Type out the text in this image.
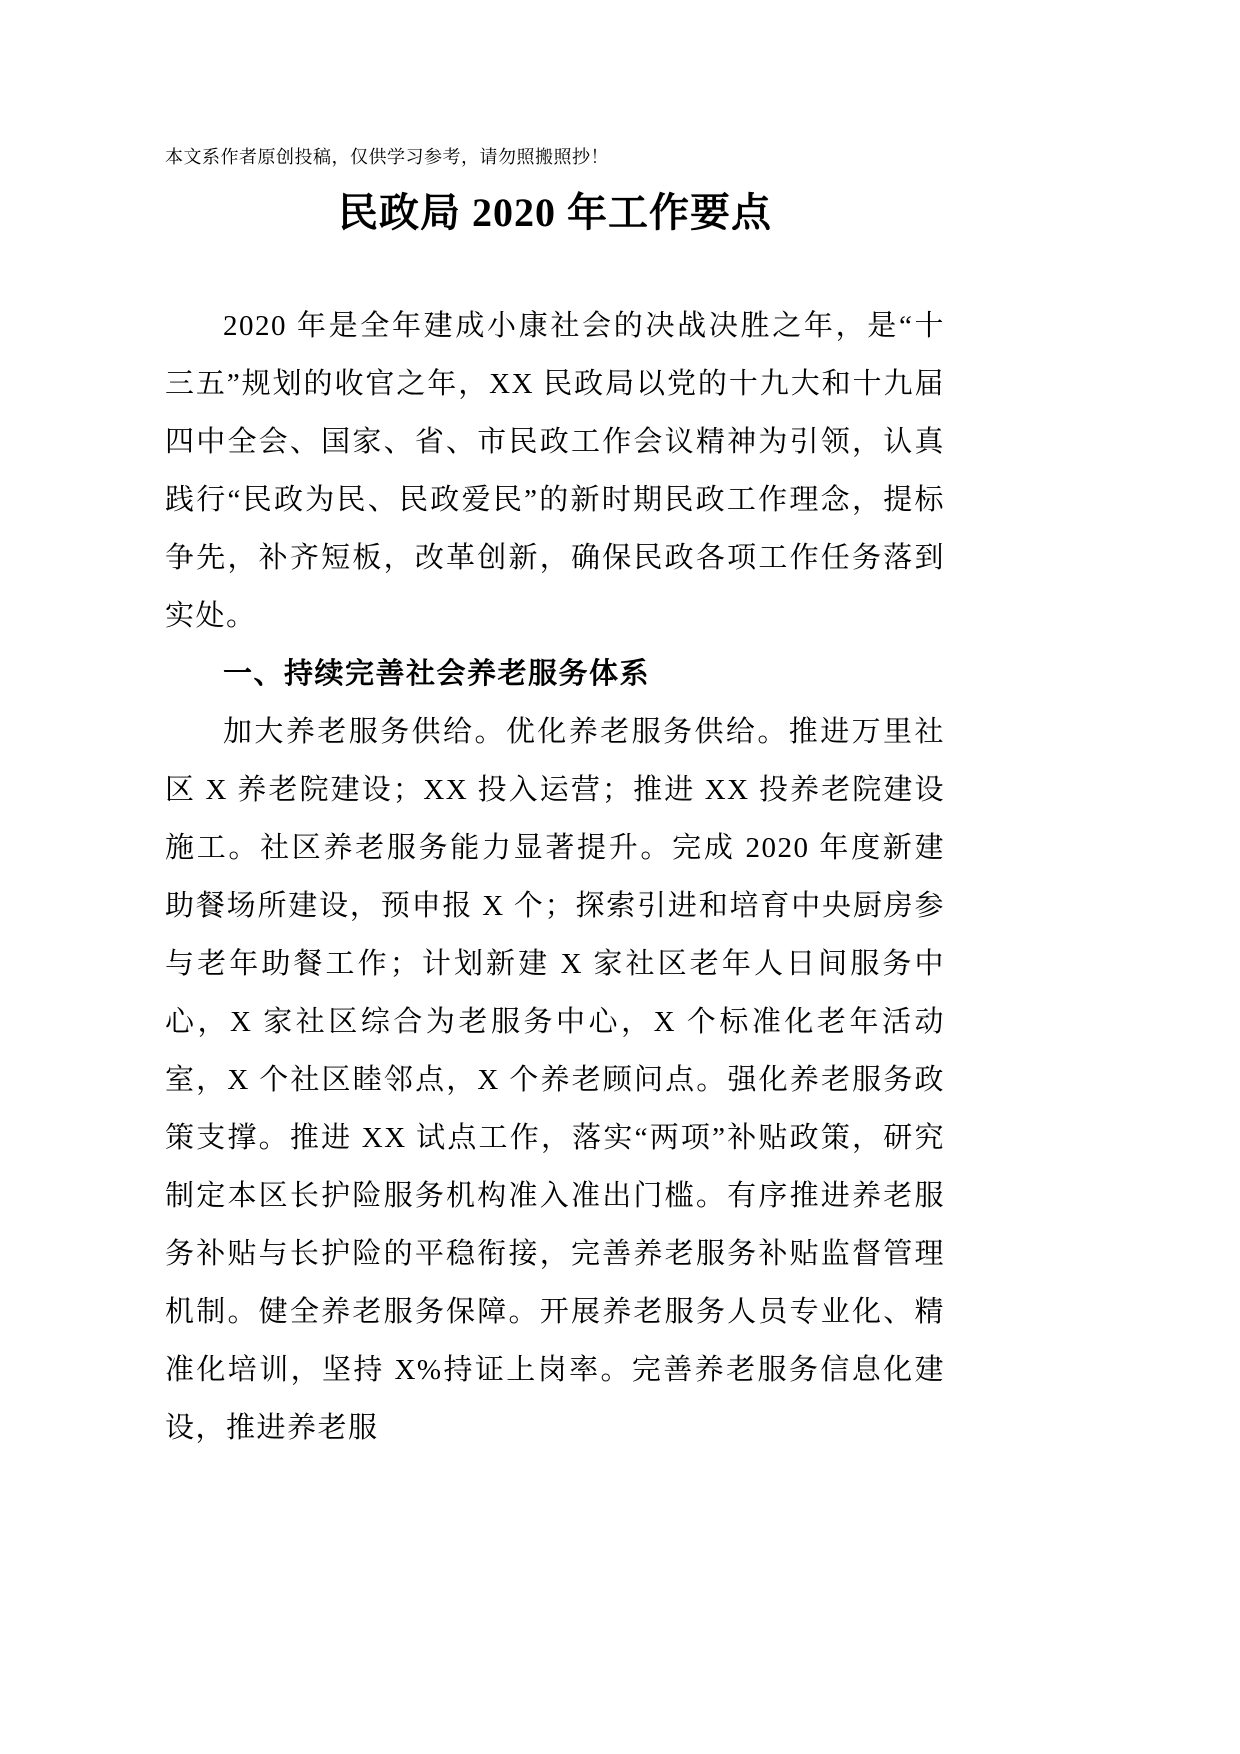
本文系作者原创投稿，仅供学习参考，请勿照搬照抄！

民政局 2020 年工作要点

2020 年是全年建成小康社会的决战决胜之年，是“十三五”规划的收官之年，XX 民政局以党的十九大和十九届四中全会、国家、省、市民政工作会议精神为引领，认真践行“民政为民、民政爱民”的新时期民政工作理念，提标争先，补齐短板，改革创新，确保民政各项工作任务落到实处。

一、持续完善社会养老服务体系

加大养老服务供给。优化养老服务供给。推进万里社区 X 养老院建设；XX 投入运营；推进 XX 投养老院建设施工。社区养老服务能力显著提升。完成 2020 年度新建助餐场所建设，预申报 X 个；探索引进和培育中央厨房参与老年助餐工作；计划新建 X 家社区老年人日间服务中心，X 家社区综合为老服务中心，X 个标准化老年活动室，X 个社区睦邻点，X 个养老顾问点。强化养老服务政策支撑。推进 XX 试点工作，落实“两项”补贴政策，研究制定本区长护险服务机构准入准出门槛。有序推进养老服务补贴与长护险的平稳衔接，完善养老服务补贴监督管理机制。健全养老服务保障。开展养老服务人员专业化、精准化培训，坚持 X%持证上岗率。完善养老服务信息化建设，推进养老服
